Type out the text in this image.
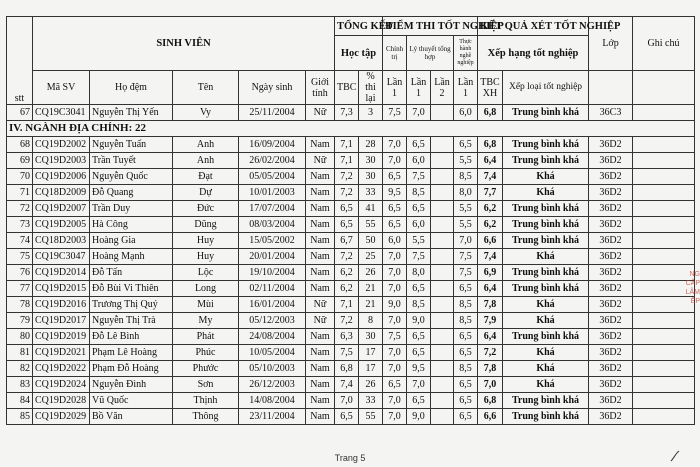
stt	SINH VIÊN					TỔNG KẾT		ĐIỂM THI TỐT NGHIỆP				KẾT QUẢ XÉT TỐT NGHIỆP		Lớp	Ghi chú
						Học tập		Chính trị	Lý thuyết tổng hợp		Thực hành nghề nghiệp	Xếp hạng tốt nghiệp			

	Mã SV	Họ đệm	Tên	Ngày sinh	Giới tính	TBC	% thi lại	Lần 1	Lần 1	Lần 2	Lần 1	TBC XH	Xếp loại tốt nghiệp		
67	CQ19C3041	Nguyễn Thị Yến	Vy	25/11/2004	Nữ	7,3	3	7,5	7,0		6,0	6,8	Trung bình khá	36C3	
IV. NGÀNH ĐỊA CHÍNH: 22															
68	CQ19D2002	Nguyễn Tuấn	Anh	16/09/2004	Nam	7,1	28	7,0	6,5		6,5	6,8	Trung bình khá	36D2	
69	CQ19D2003	Trần Tuyết	Anh	26/02/2004	Nữ	7,1	30	7,0	6,0		5,5	6,4	Trung bình khá	36D2	
70	CQ19D2006	Nguyễn Quốc	Đạt	05/05/2004	Nam	7,2	30	6,5	7,5		8,5	7,4	Khá	36D2	
71	CQ18D2009	Đỗ Quang	Dự	10/01/2003	Nam	7,2	33	9,5	8,5		8,0	7,7	Khá	36D2	
72	CQ19D2007	Trần Duy	Đức	17/07/2004	Nam	6,5	41	6,5	6,5		5,5	6,2	Trung bình khá	36D2	
73	CQ19D2005	Hà Công	Dũng	08/03/2004	Nam	6,5	55	6,5	6,0		5,5	6,2	Trung bình khá	36D2	
74	CQ18D2003	Hoàng Gia	Huy	15/05/2002	Nam	6,7	50	6,0	5,5		7,0	6,6	Trung bình khá	36D2	
75	CQ19C3047	Hoàng Mạnh	Huy	20/01/2004	Nam	7,2	25	7,0	7,5		7,5	7,4	Khá	36D2	
76	CQ19D2014	Đỗ Tấn	Lộc	19/10/2004	Nam	6,2	26	7,0	8,0		7,5	6,9	Trung bình khá	36D2	
77	CQ19D2015	Đỗ Bùi Vi Thiên	Long	02/11/2004	Nam	6,2	21	7,0	6,5		6,5	6,4	Trung bình khá	36D2	
78	CQ19D2016	Trương Thị Quý	Mùi	16/01/2004	Nữ	7,1	21	9,0	8,5		8,5	7,8	Khá	36D2	
79	CQ19D2017	Nguyễn Thị Trà	My	05/12/2003	Nữ	7,2	8	7,0	9,0		8,5	7,9	Khá	36D2	
80	CQ19D2019	Đỗ Lê Bình	Phát	24/08/2004	Nam	6,3	30	7,5	6,5		6,5	6,4	Trung bình khá	36D2	
81	CQ19D2021	Phạm Lê Hoàng	Phúc	10/05/2004	Nam	7,5	17	7,0	6,5		6,5	7,2	Khá	36D2	
82	CQ19D2022	Phạm Đỗ Hoàng	Phước	05/10/2003	Nam	6,8	17	7,0	9,5		8,5	7,8	Khá	36D2	
83	CQ19D2024	Nguyễn Đình	Sơn	26/12/2003	Nam	7,4	26	6,5	7,0		6,5	7,0	Khá	36D2	
84	CQ19D2028	Vũ Quốc	Thịnh	14/08/2004	Nam	7,0	33	7,0	6,5		6,5	6,8	Trung bình khá	36D2	
85	CQ19D2029	Bồ Văn	Thông	23/11/2004	Nam	6,5	55	7,0	9,0		6,5	6,6	Trung bình khá	36D2	
NG CẤP LÂM ẾP
Trang 5
